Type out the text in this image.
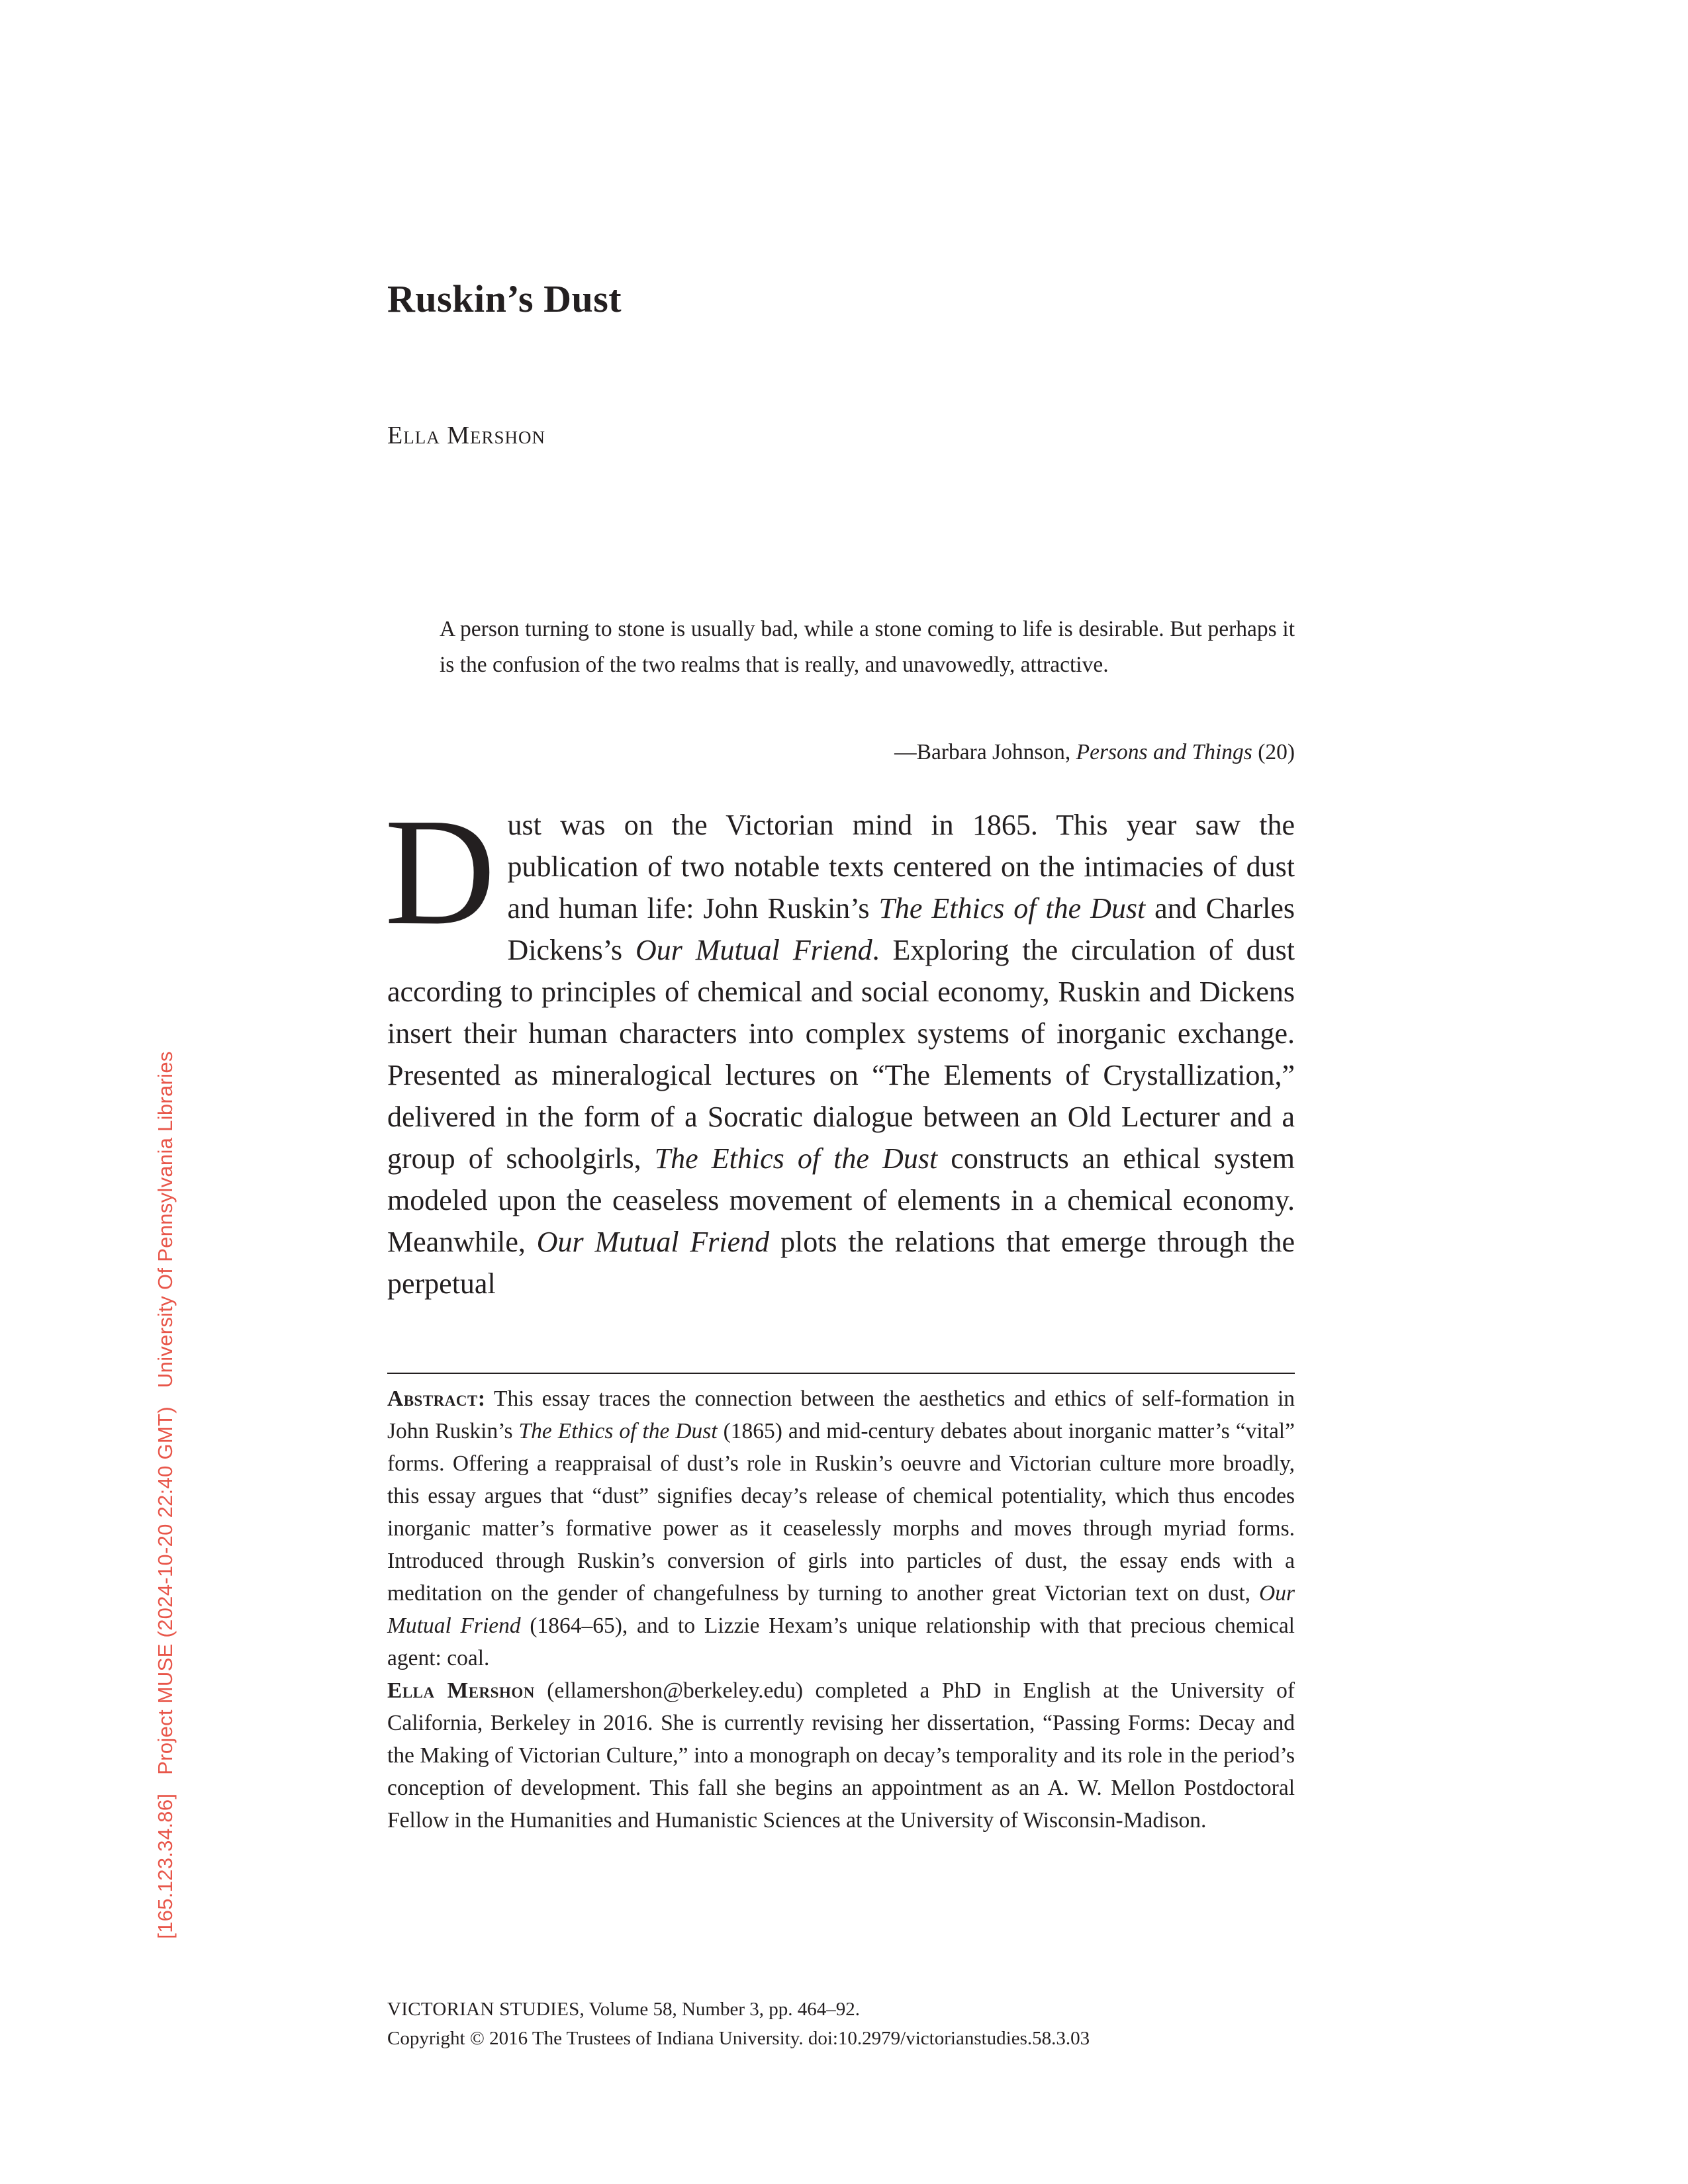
Ruskin’s Dust
Ella Mershon
A person turning to stone is usually bad, while a stone coming to life is desirable. But perhaps it is the confusion of the two realms that is really, and unavowedly, attractive.
—Barbara Johnson, Persons and Things (20)
Dust was on the Victorian mind in 1865. This year saw the publication of two notable texts centered on the intimacies of dust and human life: John Ruskin’s The Ethics of the Dust and Charles Dickens’s Our Mutual Friend. Exploring the circulation of dust according to principles of chemical and social economy, Ruskin and Dickens insert their human characters into complex systems of inorganic exchange. Presented as mineralogical lectures on “The Elements of Crystallization,” delivered in the form of a Socratic dialogue between an Old Lecturer and a group of schoolgirls, The Ethics of the Dust constructs an ethical system modeled upon the ceaseless movement of elements in a chemical economy. Meanwhile, Our Mutual Friend plots the relations that emerge through the perpetual

Abstract: This essay traces the connection between the aesthetics and ethics of self-formation in John Ruskin’s The Ethics of the Dust (1865) and mid-century debates about inorganic matter’s “vital” forms. Offering a reappraisal of dust’s role in Ruskin’s oeuvre and Victorian culture more broadly, this essay argues that “dust” signifies decay’s release of chemical potentiality, which thus encodes inorganic matter’s formative power as it ceaselessly morphs and moves through myriad forms. Introduced through Ruskin’s conversion of girls into particles of dust, the essay ends with a meditation on the gender of changefulness by turning to another great Victorian text on dust, Our Mutual Friend (1864–65), and to Lizzie Hexam’s unique relationship with that precious chemical agent: coal.

Ella Mershon (ellamershon@berkeley.edu) completed a PhD in English at the University of California, Berkeley in 2016. She is currently revising her dissertation, “Passing Forms: Decay and the Making of Victorian Culture,” into a monograph on decay’s temporality and its role in the period’s conception of development. This fall she begins an appointment as an A. W. Mellon Postdoctoral Fellow in the Humanities and Humanistic Sciences at the University of Wisconsin-Madison.

VICTORIAN STUDIES, Volume 58, Number 3, pp. 464–92.
Copyright © 2016 The Trustees of Indiana University. doi:10.2979/victorianstudies.58.3.03
[165.123.34.86]Project MUSE (2024-10-20 22:40 GMT)University Of Pennsylvania Libraries
